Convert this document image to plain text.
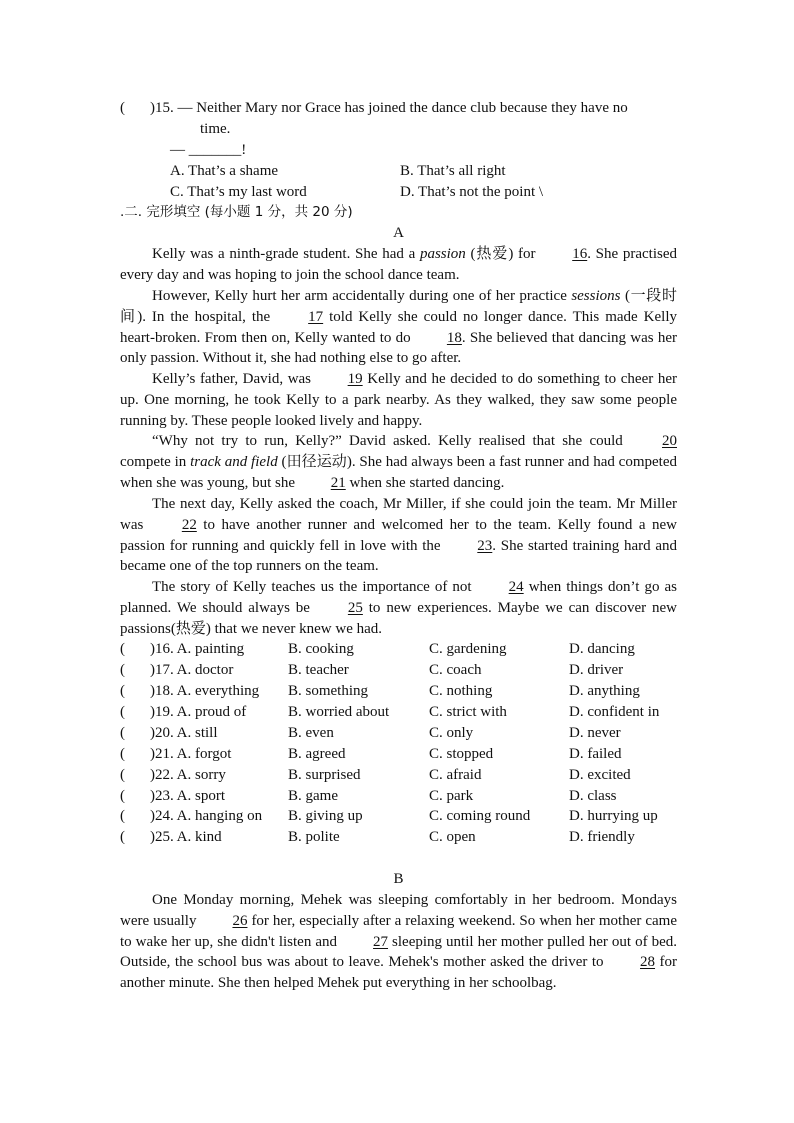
( )15. — Neither Mary nor Grace has joined the dance club because they have no
time.
— _______!
A. That’s a shame	B. That’s all right
C. That’s my last word	D. That’s not the point \
.二. 完形填空 (每小题 1 分，共 20 分)
A
Kelly was a ninth-grade student. She had a passion (热爱) for 16. She practised every day and was hoping to join the school dance team.
However, Kelly hurt her arm accidentally during one of her practice sessions (一段时间). In the hospital, the 17 told Kelly she could no longer dance. This made Kelly heart-broken. From then on, Kelly wanted to do 18. She believed that dancing was her only passion. Without it, she had nothing else to go after.
Kelly’s father, David, was 19 Kelly and he decided to do something to cheer her up. One morning, he took Kelly to a park nearby. As they walked, they saw some people running by. These people looked lively and happy.
“Why not try to run, Kelly?” David asked. Kelly realised that she could 20 compete in track and field (田径运动). She had always been a fast runner and had competed when she was young, but she 21 when she started dancing.
The next day, Kelly asked the coach, Mr Miller, if she could join the team. Mr Miller was 22 to have another runner and welcomed her to the team. Kelly found a new passion for running and quickly fell in love with the 23. She started training hard and became one of the top runners on the team.
The story of Kelly teaches us the importance of not 24 when things don’t go as planned. We should always be 25 to new experiences. Maybe we can discover new passions(热爱) that we never knew we had.
( )16. A. painting	B. cooking	C. gardening	D. dancing
( )17. A. doctor	B. teacher	C. coach	D. driver
( )18. A. everything B. something	C. nothing	D. anything
( )19. A. proud of	B. worried about	C. strict with	D. confident in
( )20. A. still	B. even	C. only	D. never
( )21. A. forgot	B. agreed	C. stopped	D. failed
( )22. A. sorry	B. surprised	C. afraid	D. excited
( )23. A. sport	B. game	C. park	D. class
( )24. A. hanging on B. giving up	C. coming round	D. hurrying up
( )25. A. kind	B. polite	C. open	D. friendly
B
One Monday morning, Mehek was sleeping comfortably in her bedroom. Mondays were usually 26 for her, especially after a relaxing weekend. So when her mother came to wake her up, she didn't listen and 27 sleeping until her mother pulled her out of bed. Outside, the school bus was about to leave. Mehek's mother asked the driver to 28 for another minute. She then helped Mehek put everything in her schoolbag.
